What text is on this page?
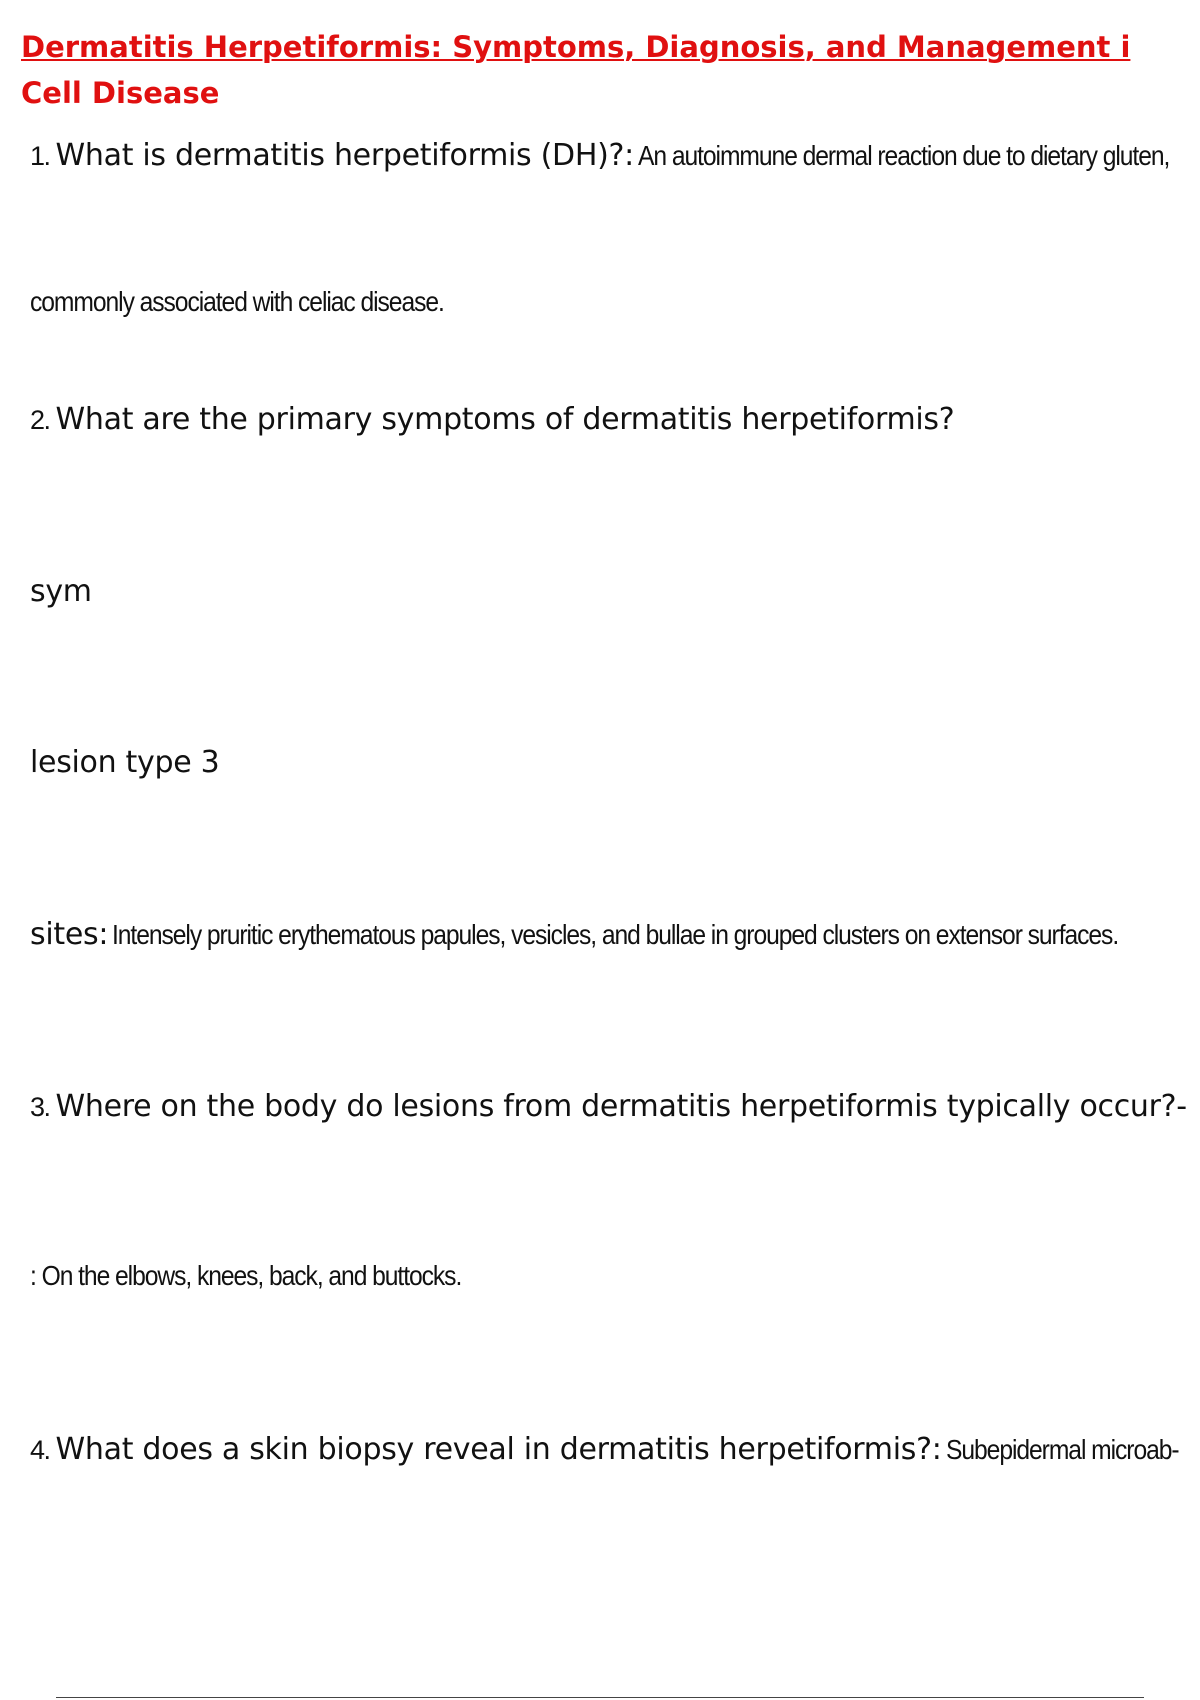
Dermatitis Herpetiformis: Symptoms, Diagnosis, and Management i
Cell Disease
1. What is dermatitis herpetiformis (DH)?: An autoimmune dermal reaction due to dietary gluten,
commonly associated with celiac disease.
2. What are the primary symptoms of dermatitis herpetiformis?
sym
lesion type 3
sites: Intensely pruritic erythematous papules, vesicles, and bullae in grouped clusters on extensor surfaces.
3. Where on the body do lesions from dermatitis herpetiformis typically occur?-
: On the elbows, knees, back, and buttocks.
4. What does a skin biopsy reveal in dermatitis herpetiformis?: Subepidermal microab-
